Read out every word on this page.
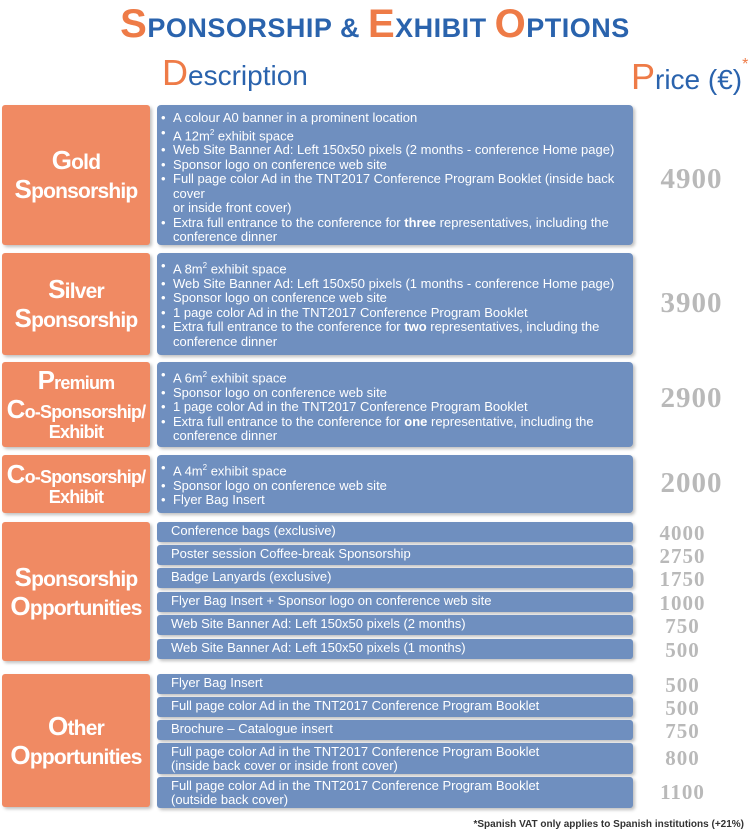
SPONSORSHIP & EXHIBIT OPTIONS
Description	Price (€)*
Gold
Sponsorship
• A colour A0 banner in a prominent location
• A $12m^2$ exhibit space
• Web Site Banner Ad: Left 150x50 pixels (2 months - conference Home page)
• Sponsor logo on conference web site
• Full page color Ad in the TNT2017 Conference Program Booklet (inside back cover
or inside front cover)
• Extra full entrance to the conference for three representatives, including the
conference dinner
4900
Silver
Sponsorship
• A $8m^2$ exhibit space
• Web Site Banner Ad: Left 150x50 pixels (1 months - conference Home page)
• Sponsor logo on conference web site
• 1 page color Ad in the TNT2017 Conference Program Booklet
• Extra full entrance to the conference for two representatives, including the
conference dinner
3900
Premium
Co-Sponsorship/
Exhibit
• A $6m^2$ exhibit space
• Sponsor logo on conference web site
• 1 page color Ad in the TNT2017 Conference Program Booklet
• Extra full entrance to the conference for one representative, including the
conference dinner
2900
Co-Sponsorship/
Exhibit
• A $4m^2$ exhibit space
• Sponsor logo on conference web site
• Flyer Bag Insert
2000
Sponsorship
Opportunities
Conference bags (exclusive)	4000
Poster session Coffee-break Sponsorship	2750
Badge Lanyards (exclusive)	1750
Flyer Bag Insert + Sponsor logo on conference web site	1000
Web Site Banner Ad: Left 150x50 pixels (2 months)	750
Web Site Banner Ad: Left 150x50 pixels (1 months)	500
Other
Opportunities
Flyer Bag Insert	500
Full page color Ad in the TNT2017 Conference Program Booklet	500
Brochure – Catalogue insert	750
Full page color Ad in the TNT2017 Conference Program Booklet
(inside back cover or inside front cover)	800
Full page color Ad in the TNT2017 Conference Program Booklet
(outside back cover)	1100
*Spanish VAT only applies to Spanish institutions (+21%)
